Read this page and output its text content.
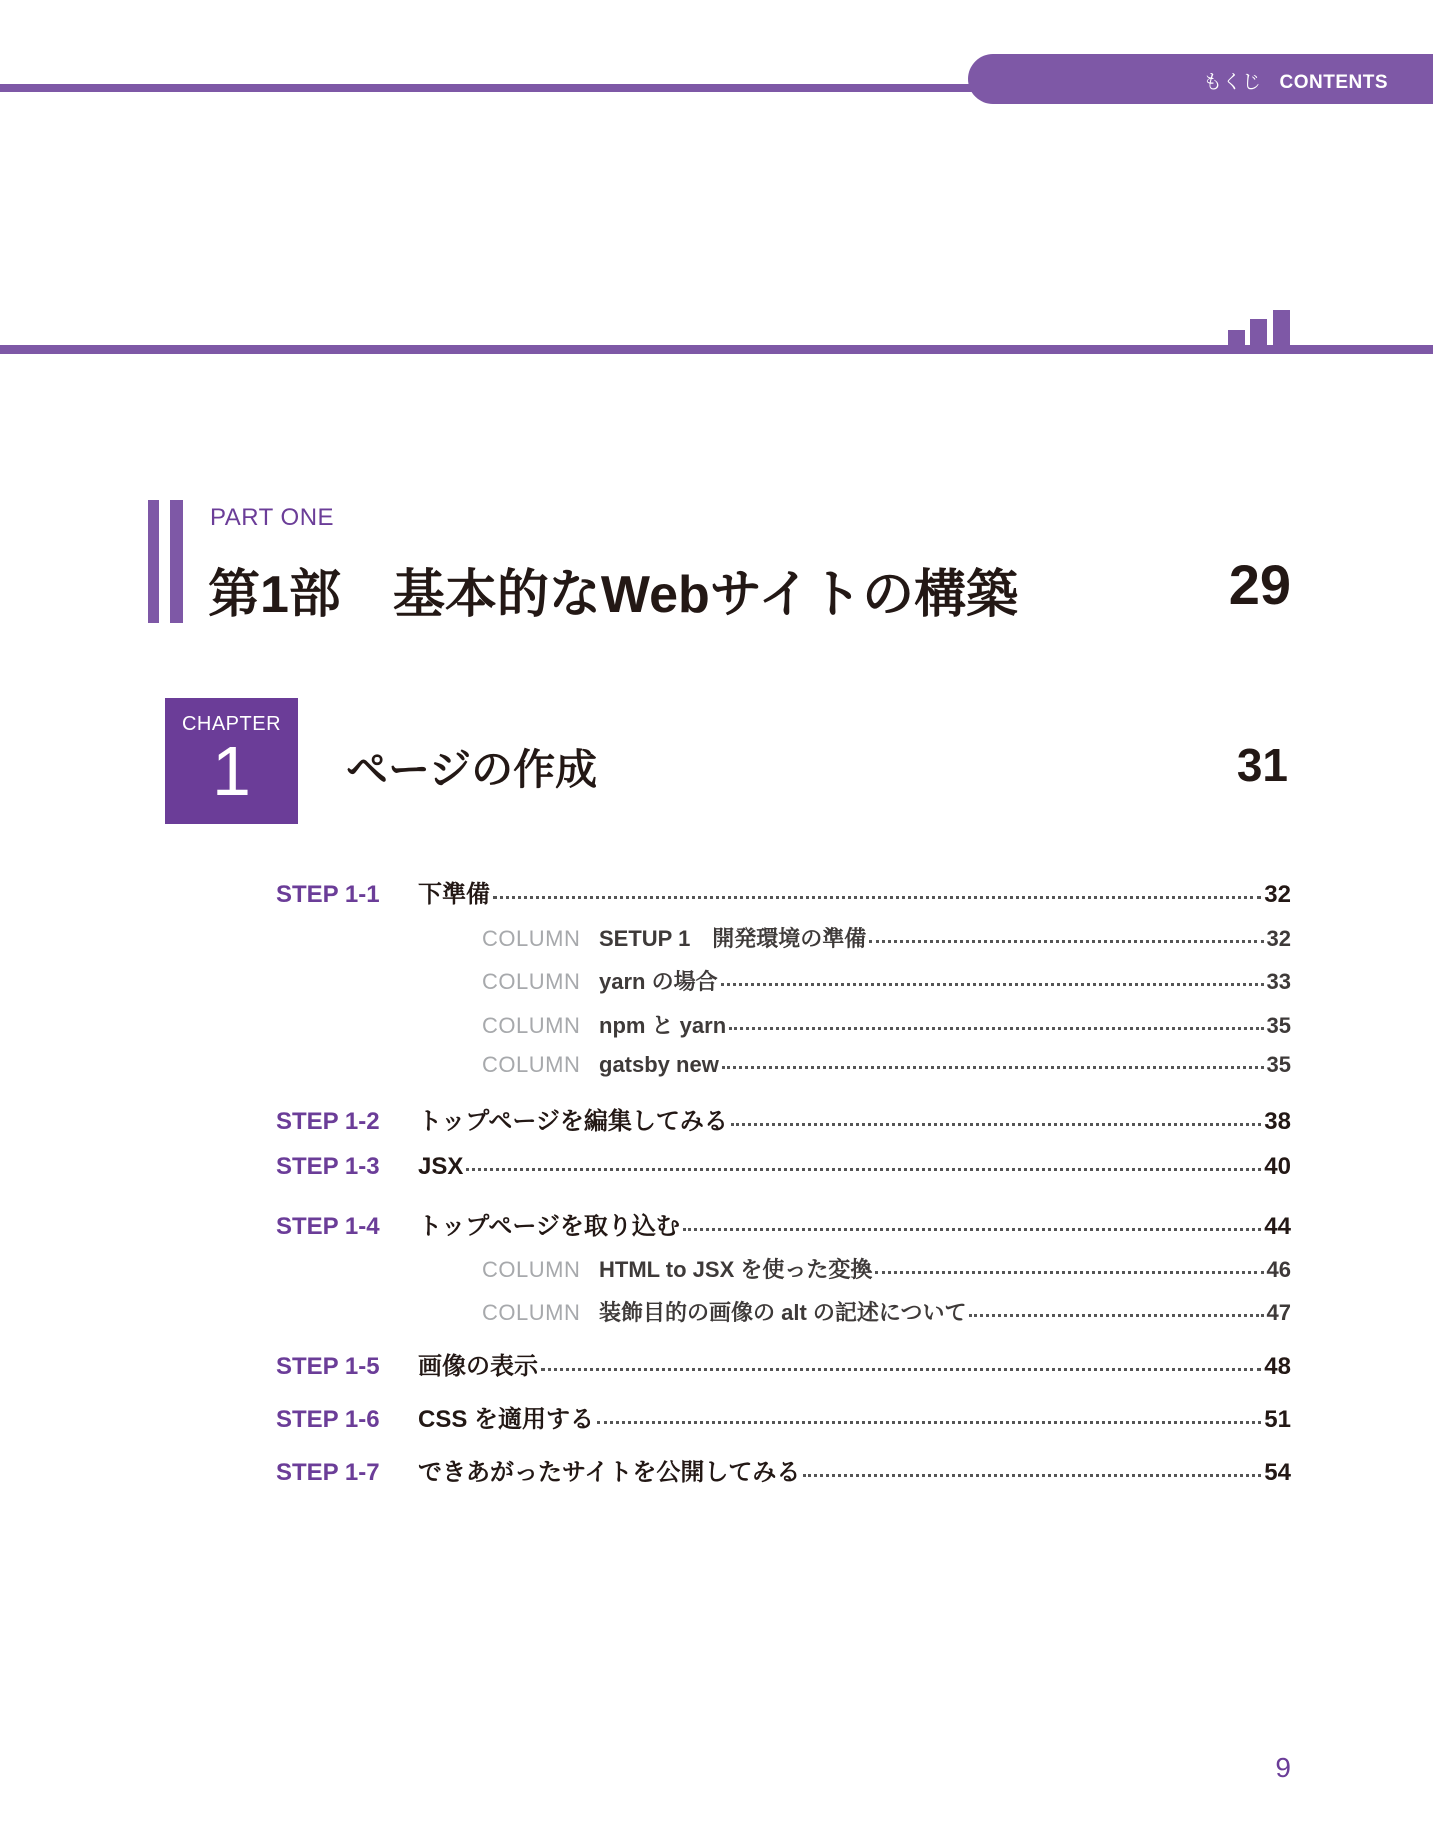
もくじ CONTENTS
PART ONE
第1部 基本的なWebサイトの構築	29
CHAPTER
1	ページの作成	31
STEP 1-1	下準備	32
COLUMN SETUP 1　開発環境の準備	32
COLUMN yarn の場合	33
COLUMN npm と yarn	35
COLUMN gatsby new	35
STEP 1-2	トップページを編集してみる	38
STEP 1-3	JSX	40
STEP 1-4	トップページを取り込む	44
COLUMN HTML to JSX を使った変換	46
COLUMN 装飾目的の画像の alt の記述について	47
STEP 1-5	画像の表示	48
STEP 1-6	CSS を適用する	51
STEP 1-7	できあがったサイトを公開してみる	54
9
